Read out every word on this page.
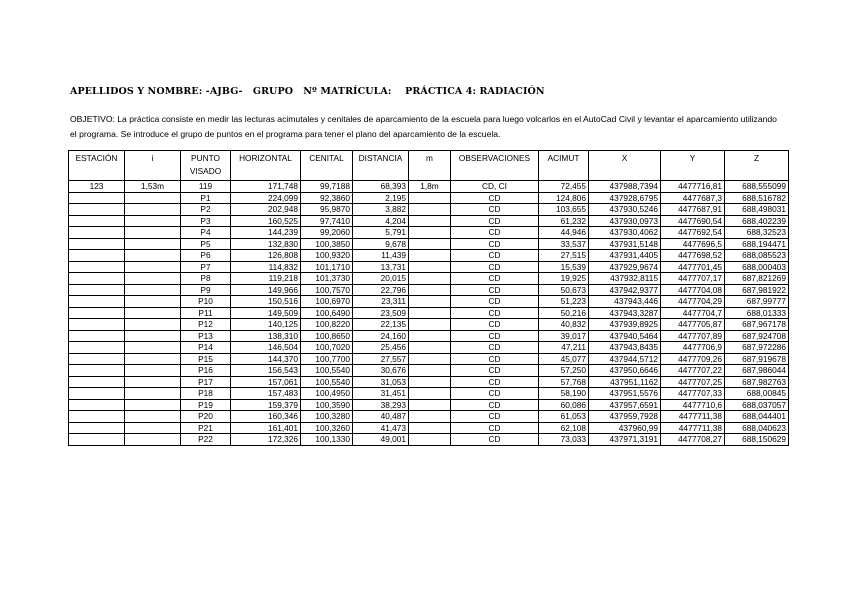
APELLIDOS Y NOMBRE: -AJBG-   GRUPO   Nº MATRÍCULA:    PRÁCTICA 4: RADIACIÓN
OBJETIVO: La práctica consiste en medir las lecturas acimutales y cenitales de aparcamiento de la escuela para luego volcarlos en el AutoCad Civil y levantar el aparcamiento utilizando el programa. Se introduce el grupo de puntos en el programa para tener el plano del aparcamiento de la escuela.
ESTACIÓN	i	PUNTO VISADO	HORIZONTAL	CENITAL	DISTANCIA	m	OBSERVACIONES	ACIMUT	X	Y	Z
123	1,53m	119	171,748	99,7188	68,393	1,8m	CD, CI	72,455	437988,7394	4477716,81	688,555099
		P1	224,099	92,3860	2,195		CD	124,806	437928,6795	4477687,3	688,516782
		P2	202,948	95,9870	3,882		CD	103,655	437930,5246	4477687,91	688,498031
		P3	160,525	97,7410	4,204		CD	61,232	437930,0973	4477690,54	688,402239
		P4	144,239	99,2060	5,791		CD	44,946	437930,4062	4477692,54	688,32523
		P5	132,830	100,3850	9,678		CD	33,537	437931,5148	4477696,5	688,194471
		P6	126,808	100,9320	11,439		CD	27,515	437931,4405	4477698,52	688,085523
		P7	114,832	101,1710	13,731		CD	15,539	437929,9674	4477701,45	688,000403
		P8	119,218	101,3730	20,015		CD	19,925	437932,8115	4477707,17	687,821269
		P9	149,966	100,7570	22,796		CD	50,673	437942,9377	4477704,08	687,981922
		P10	150,516	100,6970	23,311		CD	51,223	437943,446	4477704,29	687,99777
		P11	149,509	100,6490	23,509		CD	50,216	437943,3287	4477704,7	688,01333
		P12	140,125	100,8220	22,135		CD	40,832	437939,8925	4477705,87	687,967178
		P13	138,310	100,8650	24,160		CD	39,017	437940,5464	4477707,89	687,924708
		P14	146,504	100,7020	25,456		CD	47,211	437943,8435	4477706,9	687,972286
		P15	144,370	100,7700	27,557		CD	45,077	437944,5712	4477709,26	687,919678
		P16	156,543	100,5540	30,676		CD	57,250	437950,6646	4477707,22	687,986044
		P17	157,061	100,5540	31,053		CD	57,768	437951,1162	4477707,25	687,982763
		P18	157,483	100,4950	31,451		CD	58,190	437951,5576	4477707,33	688,00845
		P19	159,379	100,3590	38,293		CD	60,086	437957,6591	4477710,6	688,037057
		P20	160,346	100,3280	40,487		CD	61,053	437959,7928	4477711,38	688,044401
		P21	161,401	100,3260	41,473		CD	62,108	437960,99	4477711,38	688,040623
		P22	172,326	100,1330	49,001		CD	73,033	437971,3191	4477708,27	688,150629
